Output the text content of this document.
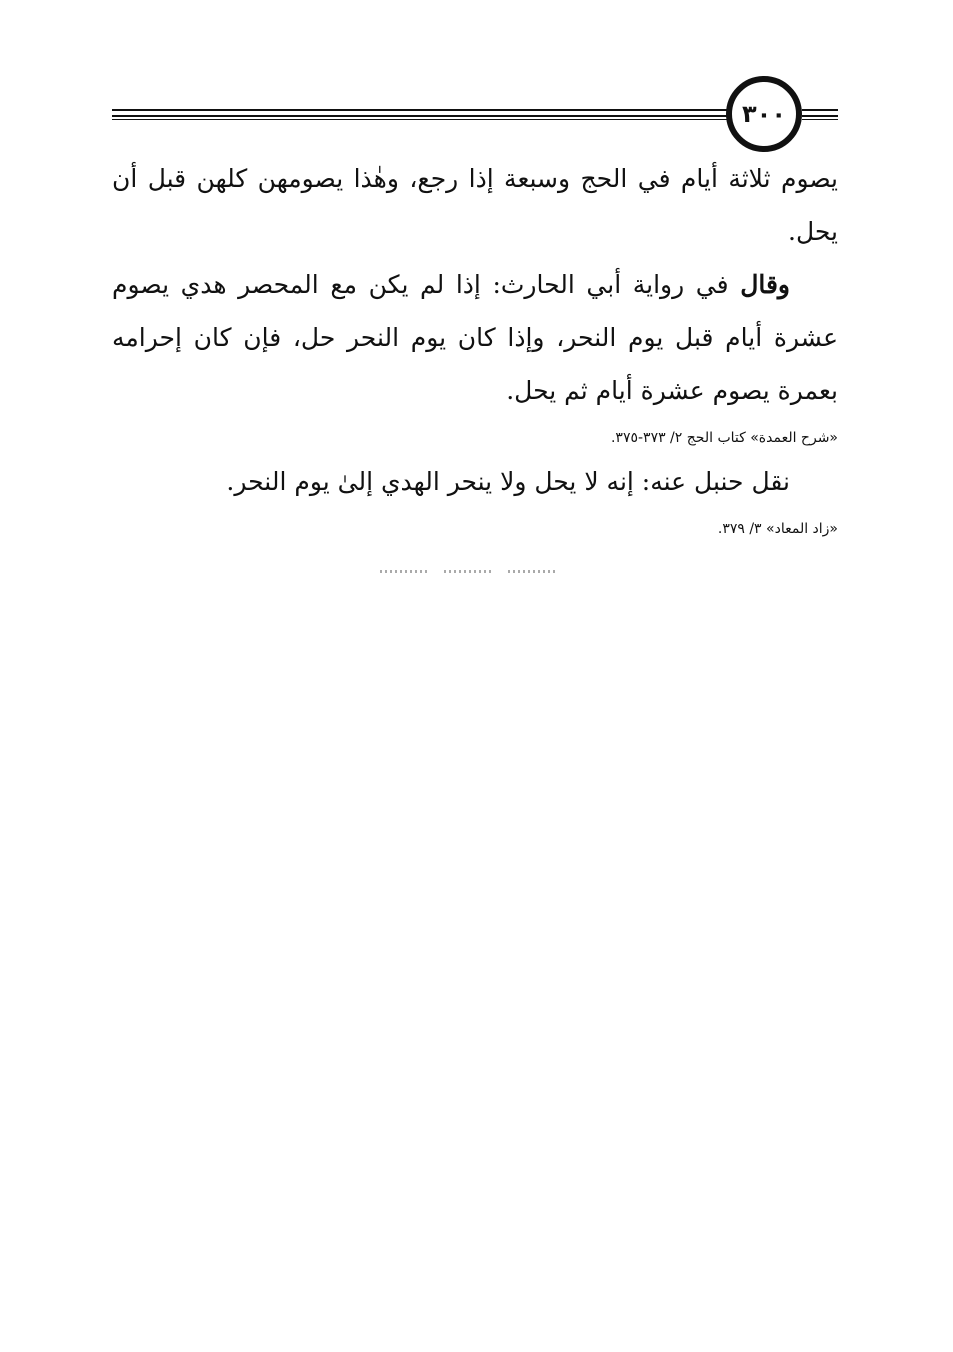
٣٠٠

يصوم ثلاثة أيام في الحج وسبعة إذا رجع، وهٰذا يصومهن كلهن قبل أن يحل.

وقال في رواية أبي الحارث: إذا لم يكن مع المحصر هدي يصوم عشرة أيام قبل يوم النحر، وإذا كان يوم النحر حل، فإن كان إحرامه بعمرة يصوم عشرة أيام ثم يحل.

«شرح العمدة» كتاب الحج ٢/ ٣٧٣-٣٧٥.

نقل حنبل عنه: إنه لا يحل ولا ينحر الهدي إلىٰ يوم النحر.

«زاد المعاد» ٣/ ٣٧٩.
